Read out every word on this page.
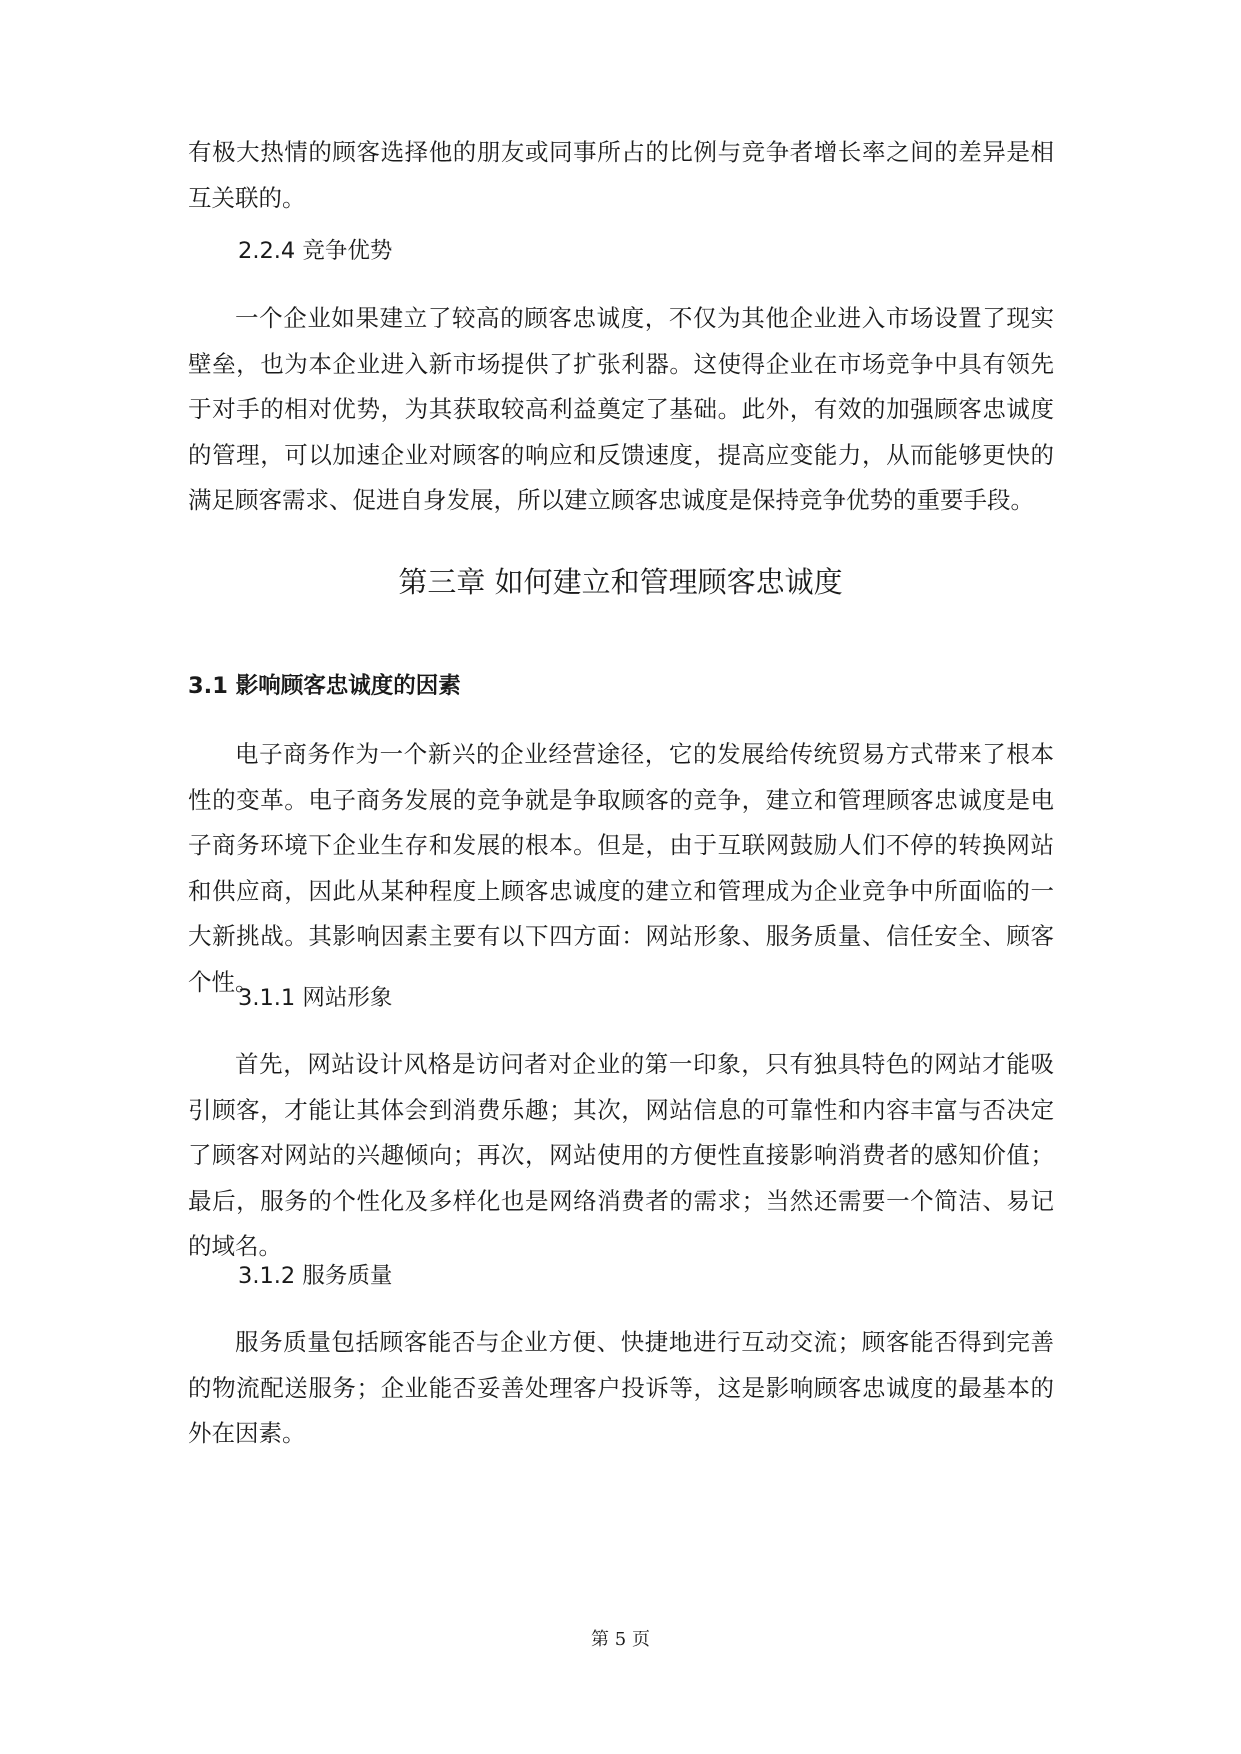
有极大热情的顾客选择他的朋友或同事所占的比例与竞争者增长率之间的差异是相互关联的。

2.2.4 竞争优势

一个企业如果建立了较高的顾客忠诚度，不仅为其他企业进入市场设置了现实壁垒，也为本企业进入新市场提供了扩张利器。这使得企业在市场竞争中具有领先于对手的相对优势，为其获取较高利益奠定了基础。此外，有效的加强顾客忠诚度的管理，可以加速企业对顾客的响应和反馈速度，提高应变能力，从而能够更快的满足顾客需求、促进自身发展，所以建立顾客忠诚度是保持竞争优势的重要手段。

第三章 如何建立和管理顾客忠诚度
3.1 影响顾客忠诚度的因素

电子商务作为一个新兴的企业经营途径，它的发展给传统贸易方式带来了根本性的变革。电子商务发展的竞争就是争取顾客的竞争，建立和管理顾客忠诚度是电子商务环境下企业生存和发展的根本。但是，由于互联网鼓励人们不停的转换网站和供应商，因此从某种程度上顾客忠诚度的建立和管理成为企业竞争中所面临的一大新挑战。其影响因素主要有以下四方面：网站形象、服务质量、信任安全、顾客个性。

3.1.1 网站形象

首先，网站设计风格是访问者对企业的第一印象，只有独具特色的网站才能吸引顾客，才能让其体会到消费乐趣；其次，网站信息的可靠性和内容丰富与否决定了顾客对网站的兴趣倾向；再次，网站使用的方便性直接影响消费者的感知价值；最后，服务的个性化及多样化也是网络消费者的需求；当然还需要一个简洁、易记的域名。

3.1.2 服务质量

服务质量包括顾客能否与企业方便、快捷地进行互动交流；顾客能否得到完善的物流配送服务；企业能否妥善处理客户投诉等，这是影响顾客忠诚度的最基本的外在因素。

第 5 页
